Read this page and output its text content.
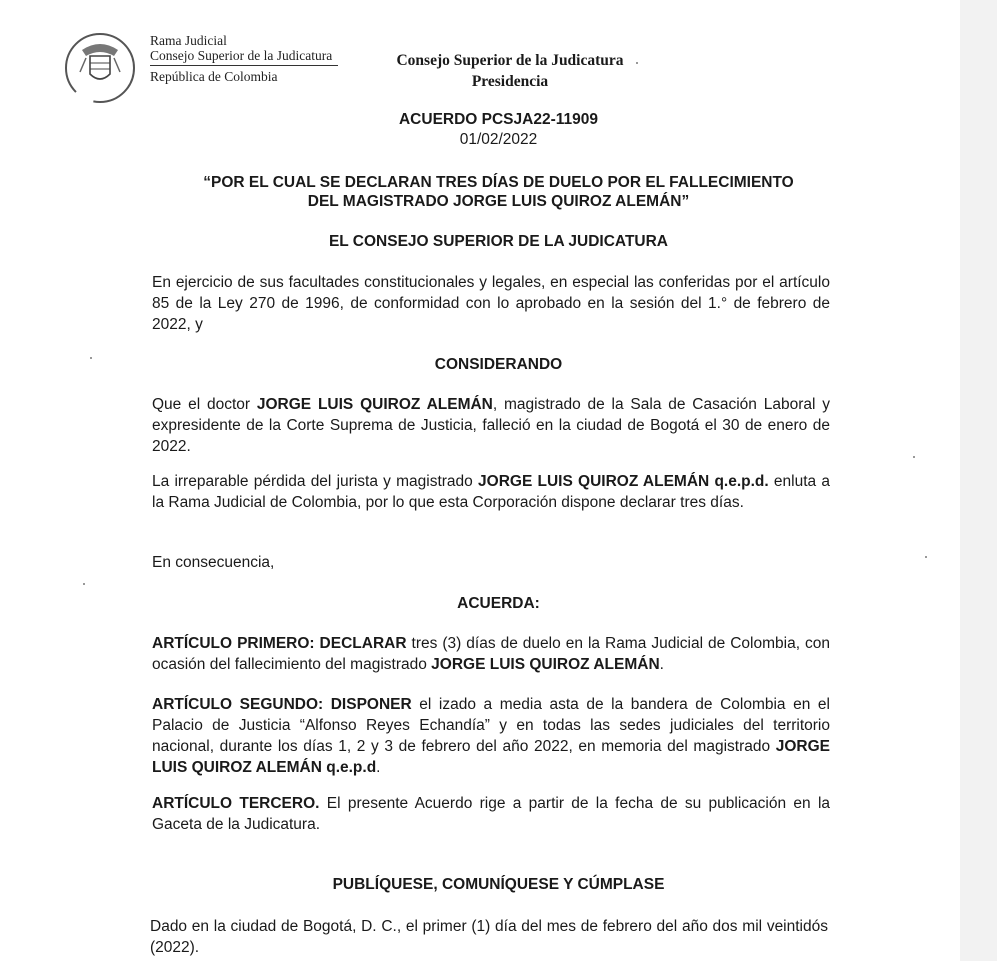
Rama Judicial
Consejo Superior de la Judicatura
República de Colombia
Consejo Superior de la Judicatura
Presidencia
ACUERDO PCSJA22-11909
01/02/2022
“POR EL CUAL SE DECLARAN TRES DÍAS DE DUELO POR EL FALLECIMIENTO
DEL MAGISTRADO JORGE LUIS QUIROZ ALEMÁN”
EL CONSEJO SUPERIOR DE LA JUDICATURA
En ejercicio de sus facultades constitucionales y legales, en especial las conferidas por el artículo 85 de la Ley 270 de 1996, de conformidad con lo aprobado en la sesión del 1.° de febrero de 2022, y
CONSIDERANDO
Que el doctor JORGE LUIS QUIROZ ALEMÁN, magistrado de la Sala de Casación Laboral y expresidente de la Corte Suprema de Justicia, falleció en la ciudad de Bogotá el 30 de enero de 2022.
La irreparable pérdida del jurista y magistrado JORGE LUIS QUIROZ ALEMÁN q.e.p.d. enluta a la Rama Judicial de Colombia, por lo que esta Corporación dispone declarar tres días.
En consecuencia,
ACUERDA:
ARTÍCULO PRIMERO: DECLARAR tres (3) días de duelo en la Rama Judicial de Colombia, con ocasión del fallecimiento del magistrado JORGE LUIS QUIROZ ALEMÁN.
ARTÍCULO SEGUNDO: DISPONER el izado a media asta de la bandera de Colombia en el Palacio de Justicia “Alfonso Reyes Echandía” y en todas las sedes judiciales del territorio nacional, durante los días 1, 2 y 3 de febrero del año 2022, en memoria del magistrado JORGE LUIS QUIROZ ALEMÁN q.e.p.d.
ARTÍCULO TERCERO. El presente Acuerdo rige a partir de la fecha de su publicación en la Gaceta de la Judicatura.
PUBLÍQUESE, COMUNÍQUESE Y CÚMPLASE
Dado en la ciudad de Bogotá, D. C., el primer (1) día del mes de febrero del año dos mil veintidós (2022).
